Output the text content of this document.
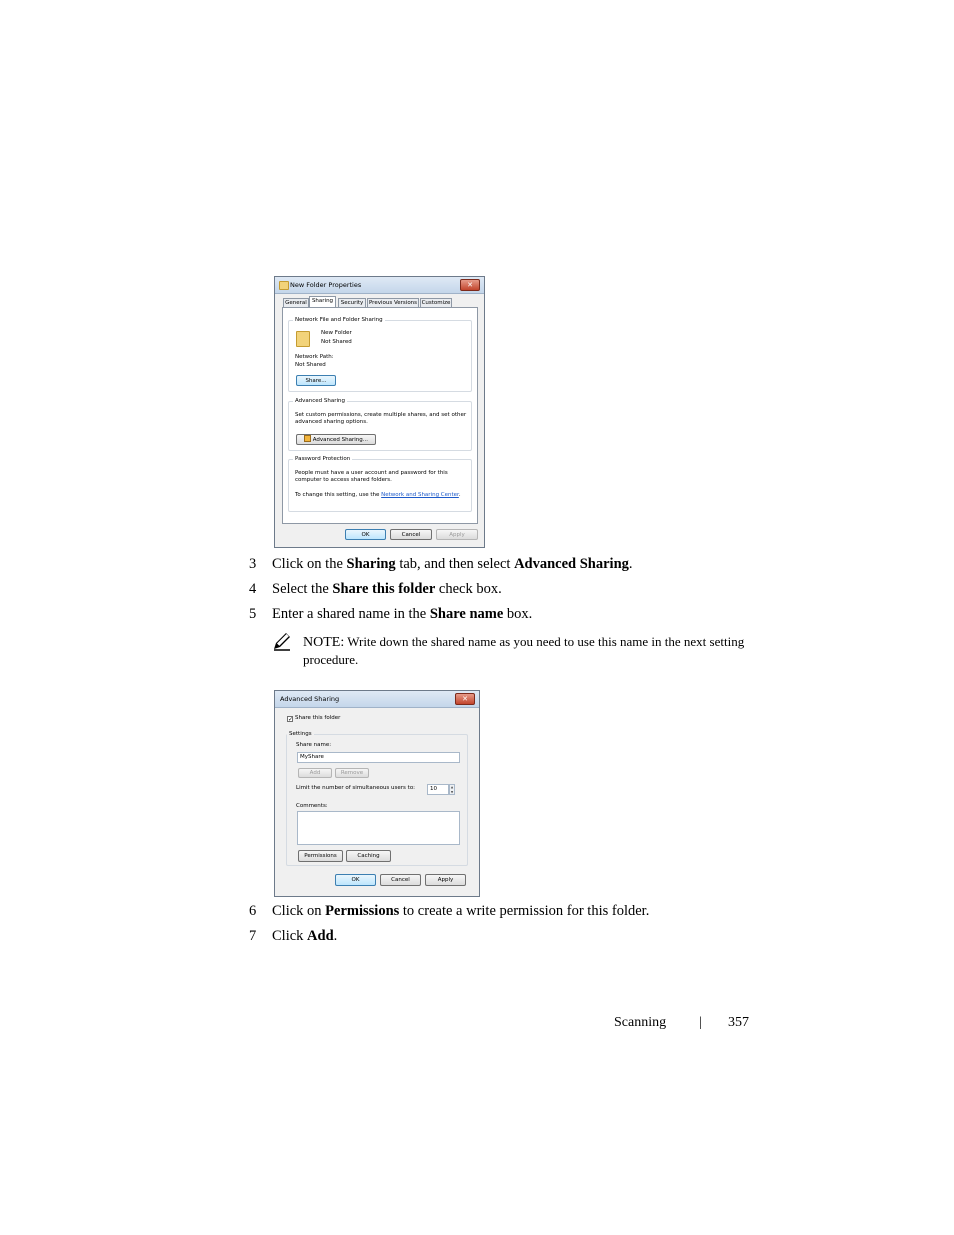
New Folder Properties	✕
General Sharing	Security	Previous Versions Customize
Network File and Folder Sharing
New Folder
Not Shared
Network Path:
Not Shared
Share...
Advanced Sharing
Set custom permissions, create multiple shares, and set other
advanced sharing options.
Advanced Sharing...
Password Protection
People must have a user account and password for this
computer to access shared folders.
To change this setting, use the Network and Sharing Center.
OK	Cancel	Apply
3 Click on the Sharing tab, and then select Advanced Sharing.
4 Select the Share this folder check box.
5 Enter a shared name in the Share name box.
NOTE: Write down the shared name as you need to use this name in the next setting procedure.
Advanced Sharing	✕
✓ Share this folder
Settings
Share name:
MyShare
Add	Remove
Limit the number of simultaneous users to:	10	▲
▼
Comments:
Permissions	Caching
OK	Cancel	Apply
6 Click on Permissions to create a write permission for this folder.
7 Click Add.
Scanning | 357
